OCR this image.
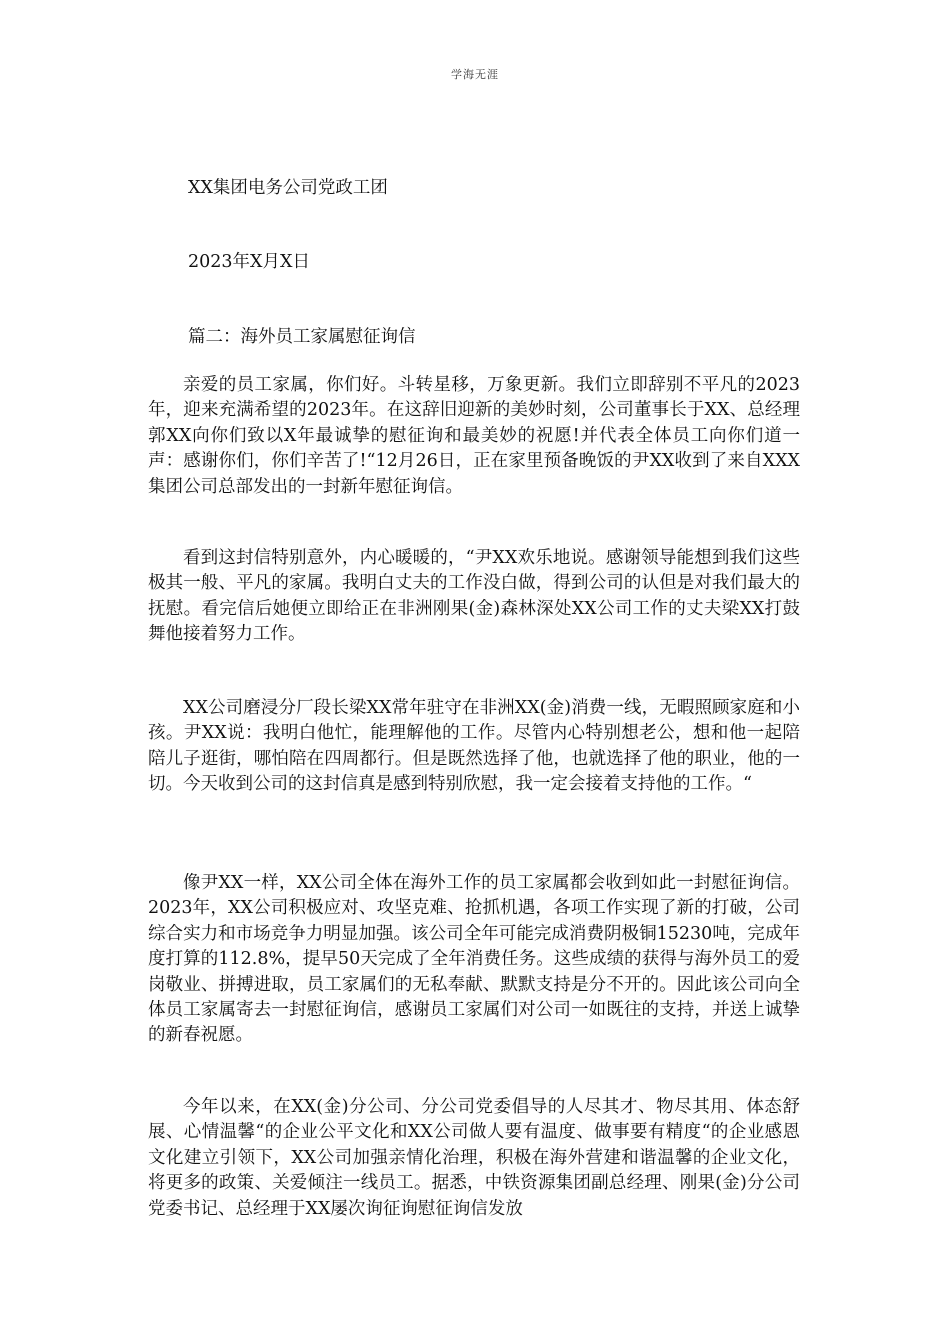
学海无涯
XX集团电务公司党政工团
2023年X月X日
篇二：海外员工家属慰征询信

亲爱的员工家属，你们好。斗转星移，万象更新。我们立即辞别不平凡的2023年，迎来充满希望的2023年。在这辞旧迎新的美妙时刻，公司董事长于XX、总经理郭XX向你们致以X年最诚挚的慰征询和最美妙的祝愿!并代表全体员工向你们道一声：感谢你们，你们辛苦了!“12月26日，正在家里预备晚饭的尹XX收到了来自XXX集团公司总部发出的一封新年慰征询信。

看到这封信特别意外，内心暖暖的，“尹XX欢乐地说。感谢领导能想到我们这些极其一般、平凡的家属。我明白丈夫的工作没白做，得到公司的认但是对我们最大的抚慰。看完信后她便立即给正在非洲刚果(金)森林深处XX公司工作的丈夫梁XX打鼓舞他接着努力工作。

XX公司磨浸分厂段长梁XX常年驻守在非洲XX(金)消费一线，无暇照顾家庭和小孩。尹XX说：我明白他忙，能理解他的工作。尽管内心特别想老公，想和他一起陪陪儿子逛街，哪怕陪在四周都行。但是既然选择了他，也就选择了他的职业，他的一切。今天收到公司的这封信真是感到特别欣慰，我一定会接着支持他的工作。“

像尹XX一样，XX公司全体在海外工作的员工家属都会收到如此一封慰征询信。2023年，XX公司积极应对、攻坚克难、抢抓机遇，各项工作实现了新的打破，公司综合实力和市场竞争力明显加强。该公司全年可能完成消费阴极铜15230吨，完成年度打算的112.8%，提早50天完成了全年消费任务。这些成绩的获得与海外员工的爱岗敬业、拼搏进取，员工家属们的无私奉献、默默支持是分不开的。因此该公司向全体员工家属寄去一封慰征询信，感谢员工家属们对公司一如既往的支持，并送上诚挚的新春祝愿。

今年以来，在XX(金)分公司、分公司党委倡导的人尽其才、物尽其用、体态舒展、心情温馨“的企业公平文化和XX公司做人要有温度、做事要有精度“的企业感恩文化建立引领下，XX公司加强亲情化治理，积极在海外营建和谐温馨的企业文化，将更多的政策、关爱倾注一线员工。据悉，中铁资源集团副总经理、刚果(金)分公司党委书记、总经理于XX屡次询征询慰征询信发放
